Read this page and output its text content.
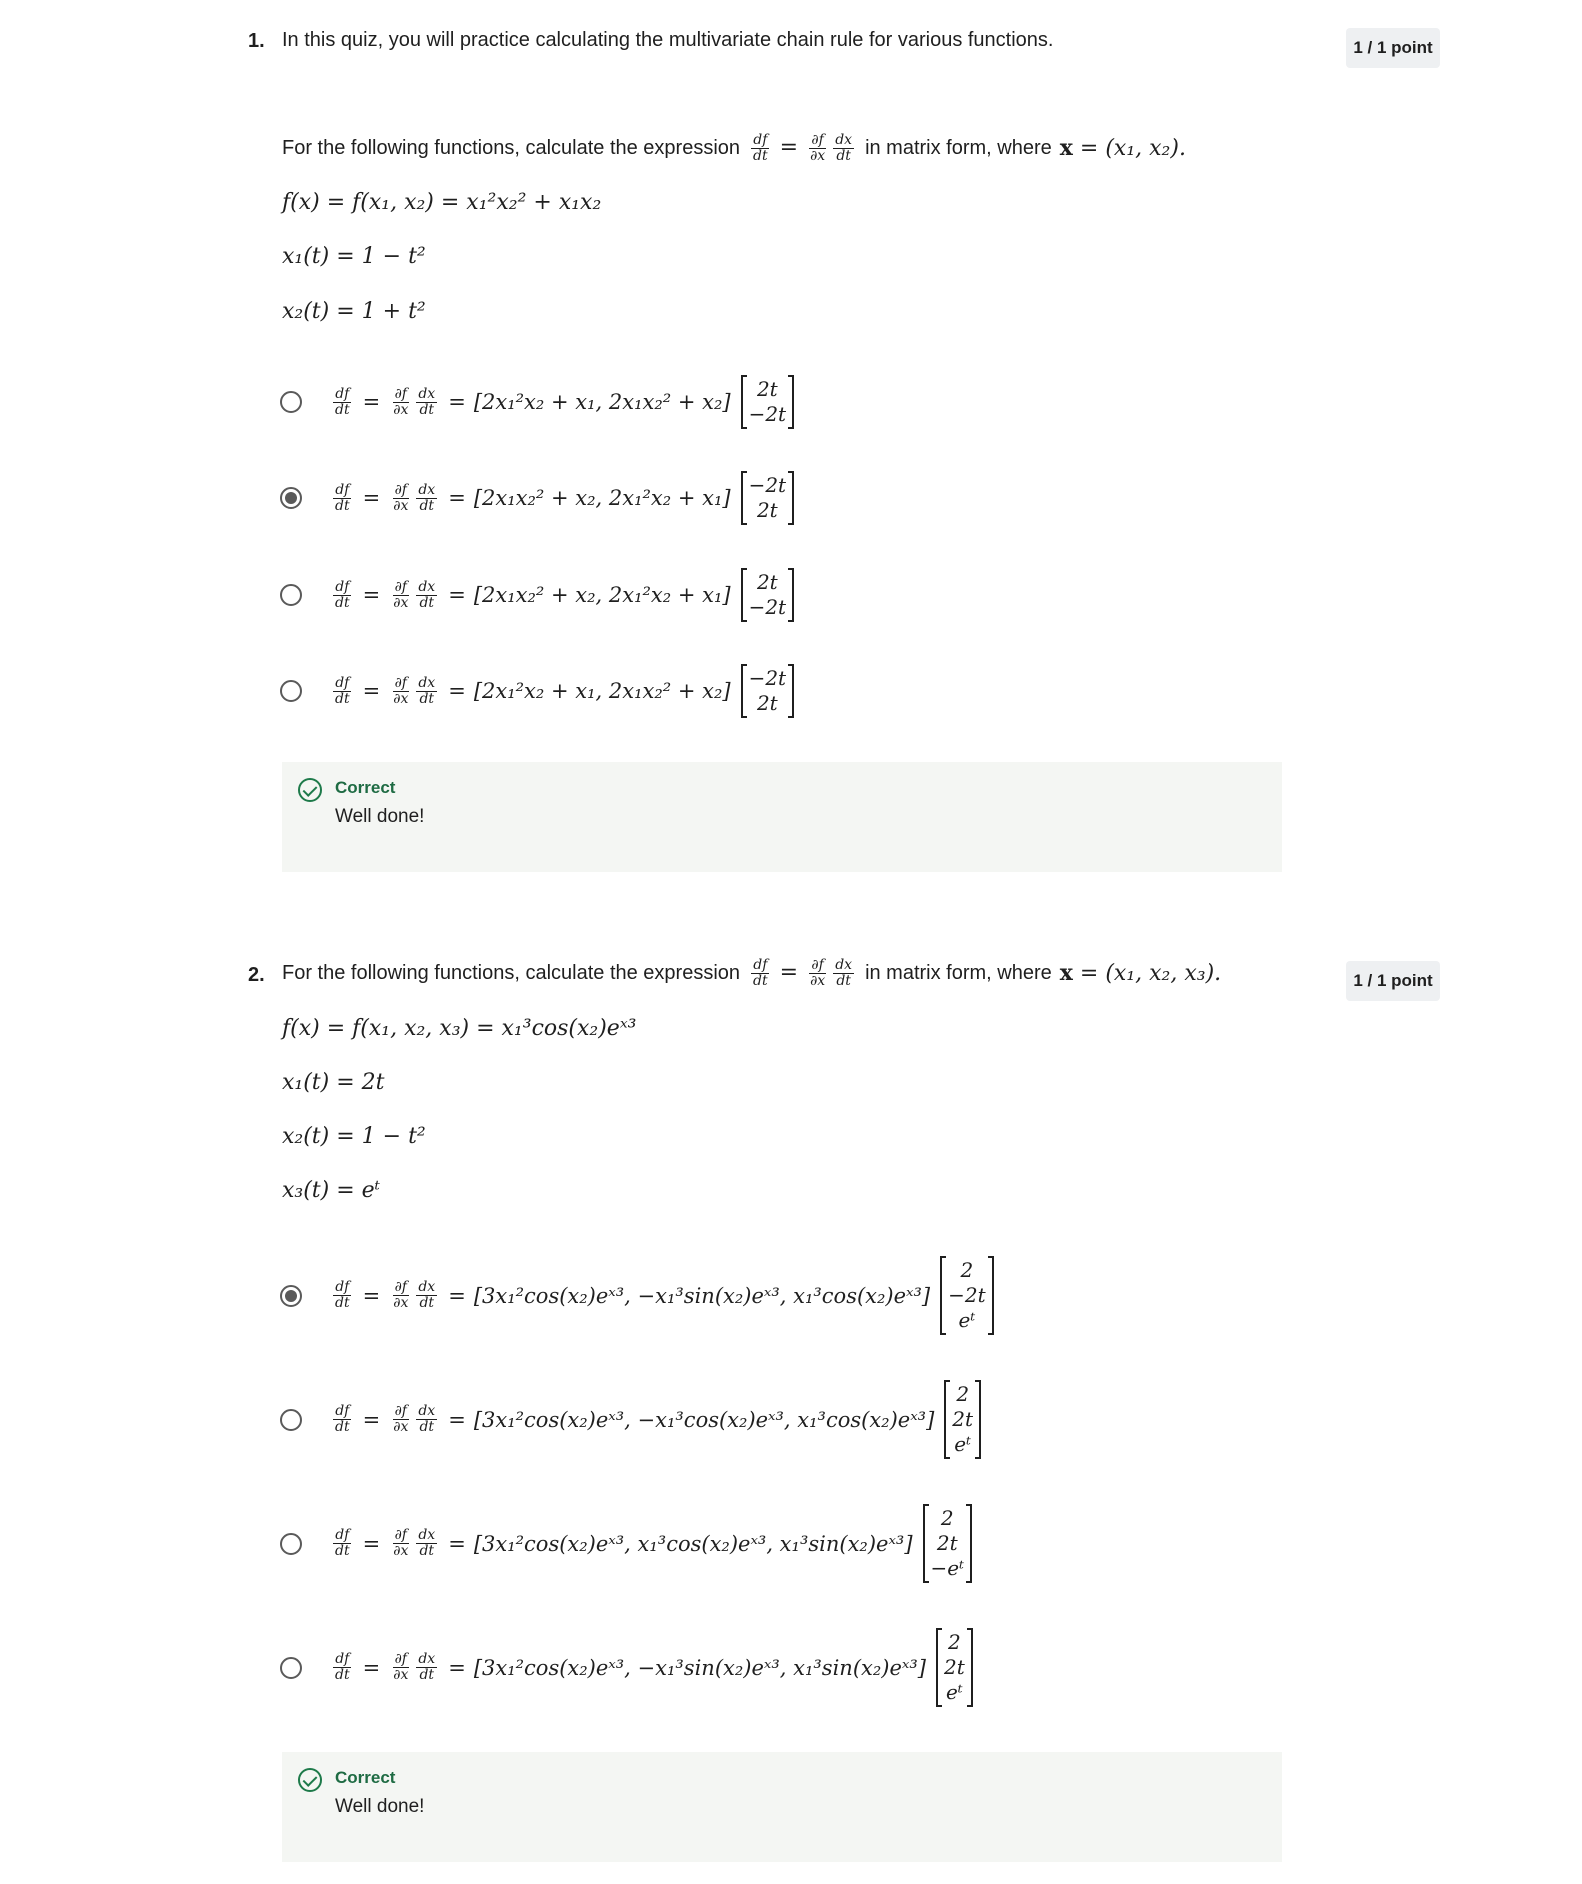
1. In this quiz, you will practice calculating the multivariate chain rule for various functions.	1 / 1 point
For the following functions, calculate the expression $\frac{df}{dt} = \frac{\partial f}{\partial x} \frac{dx}{dt}$ in matrix form, where x = (x₁, x₂).
f(x) = f(x₁, x₂) = x₁²x₂² + x₁x₂
x₁(t) = 1 − t²
x₂(t) = 1 + t²
$\frac{df}{dt} = \frac{\partial f}{\partial x} \frac{dx}{dt} = [2x_1^2x_2 + x_1$, 2x₁x₂² + x₂]
2t
−2t
$\frac{df}{dt} = \frac{\partial f}{\partial x} \frac{dx}{dt} = [2x_1x_2^2 + x_2$, 2x₁²x₂ + x₁]
−2t
2t
$\frac{df}{dt} = \frac{\partial f}{\partial x} \frac{dx}{dt} = [2x_1x_2^2 + x_2$, 2x₁²x₂ + x₁]
2t
−2t
$\frac{df}{dt} = \frac{\partial f}{\partial x} \frac{dx}{dt} = [2x_1^2x_2 + x_1$, 2x₁x₂² + x₂]
−2t
2t
Correct
Well done!
2.	1 / 1 point
For the following functions, calculate the expression $\frac{df}{dt} = \frac{\partial f}{\partial x} \frac{dx}{dt}$ in matrix form, where x = (x₁, x₂, x₃).
f(x) = f(x₁, x₂, x₃) = x₁³cos(x₂)eˣ³
x₁(t) = 2t
x₂(t) = 1 − t²
x₃(t) = eᵗ
$\frac{df}{dt} = \frac{\partial f}{\partial x} \frac{dx}{dt}$ = [3x₁²cos(x₂)eˣ³, −x₁³sin(x₂)eˣ³, x₁³cos(x₂)eˣ³]
2
−2t
eᵗ
$\frac{df}{dt} = \frac{\partial f}{\partial x} \frac{dx}{dt}$ = [3x₁²cos(x₂)eˣ³, −x₁³cos(x₂)eˣ³, x₁³cos(x₂)eˣ³]
2
2t
eᵗ
$\frac{df}{dt} = \frac{\partial f}{\partial x} \frac{dx}{dt}$ = [3x₁²cos(x₂)eˣ³, x₁³cos(x₂)eˣ³, x₁³sin(x₂)eˣ³]
2
2t
−eᵗ
$\frac{df}{dt} = \frac{\partial f}{\partial x} \frac{dx}{dt}$ = [3x₁²cos(x₂)eˣ³, −x₁³sin(x₂)eˣ³, x₁³sin(x₂)eˣ³]
2
2t
eᵗ
Correct
Well done!
